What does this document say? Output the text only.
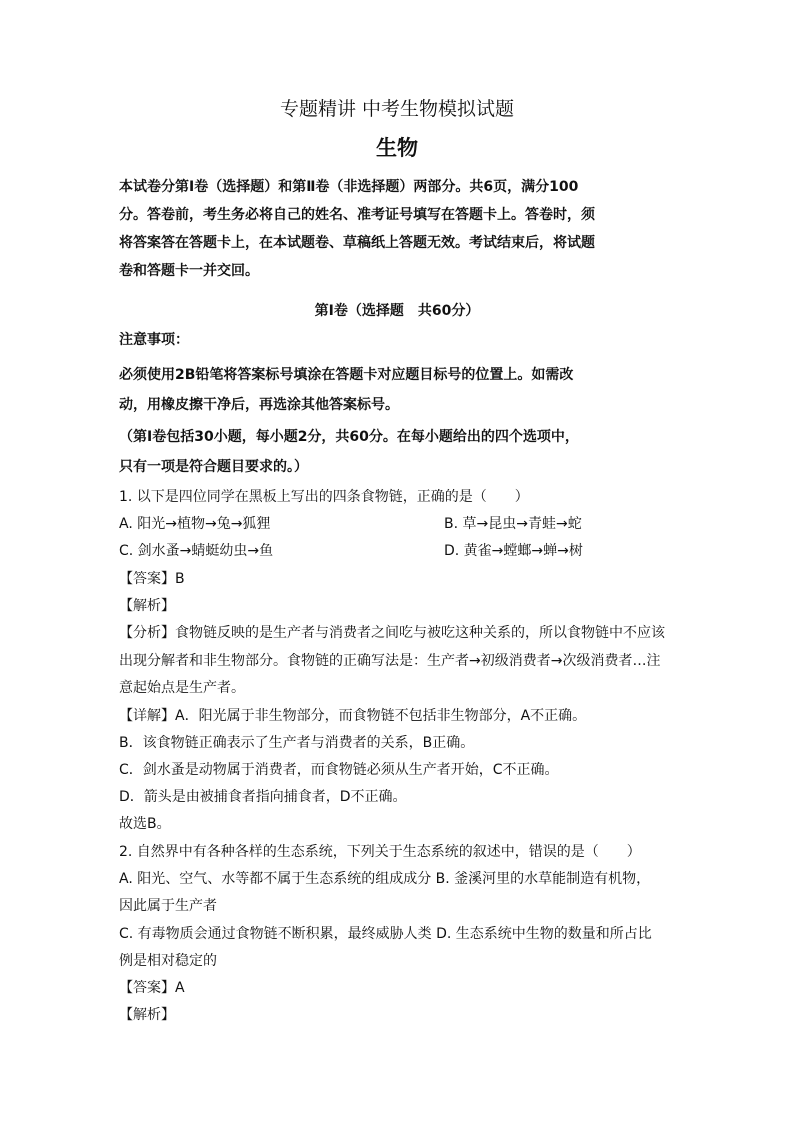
专题精讲 中考生物模拟试题
生物
本试卷分第Ⅰ卷（选择题）和第Ⅱ卷（非选择题）两部分。共6页，满分100
分。答卷前，考生务必将自己的姓名、准考证号填写在答题卡上。答卷时，须
将答案答在答题卡上，在本试题卷、草稿纸上答题无效。考试结束后，将试题
卷和答题卡一并交回。
第Ⅰ卷（选择题　共60分）
注意事项：
必须使用2B铅笔将答案标号填涂在答题卡对应题目标号的位置上。如需改
动，用橡皮擦干净后，再选涂其他答案标号。
（第Ⅰ卷包括30小题，每小题2分，共60分。在每小题给出的四个选项中，
只有一项是符合题目要求的。）
1. 以下是四位同学在黑板上写出的四条食物链，正确的是（　　）
A. 阳光→植物→兔→狐狸	B. 草→昆虫→青蛙→蛇
C. 剑水蚤→蜻蜓幼虫→鱼	D. 黄雀→螳螂→蝉→树
【答案】B
【解析】
【分析】食物链反映的是生产者与消费者之间吃与被吃这种关系的，所以食物链中不应该
出现分解者和非生物部分。食物链的正确写法是：生产者→初级消费者→次级消费者…注
意起始点是生产者。
【详解】A．阳光属于非生物部分，而食物链不包括非生物部分，A不正确。
B．该食物链正确表示了生产者与消费者的关系，B正确。
C．剑水蚤是动物属于消费者，而食物链必须从生产者开始，C不正确。
D．箭头是由被捕食者指向捕食者，D不正确。
故选B。
2. 自然界中有各种各样的生态系统，下列关于生态系统的叙述中，错误的是（　　）
A. 阳光、空气、水等都不属于生态系统的组成成分 B. 釜溪河里的水草能制造有机物，
因此属于生产者
C. 有毒物质会通过食物链不断积累，最终威胁人类 D. 生态系统中生物的数量和所占比
例是相对稳定的
【答案】A
【解析】
